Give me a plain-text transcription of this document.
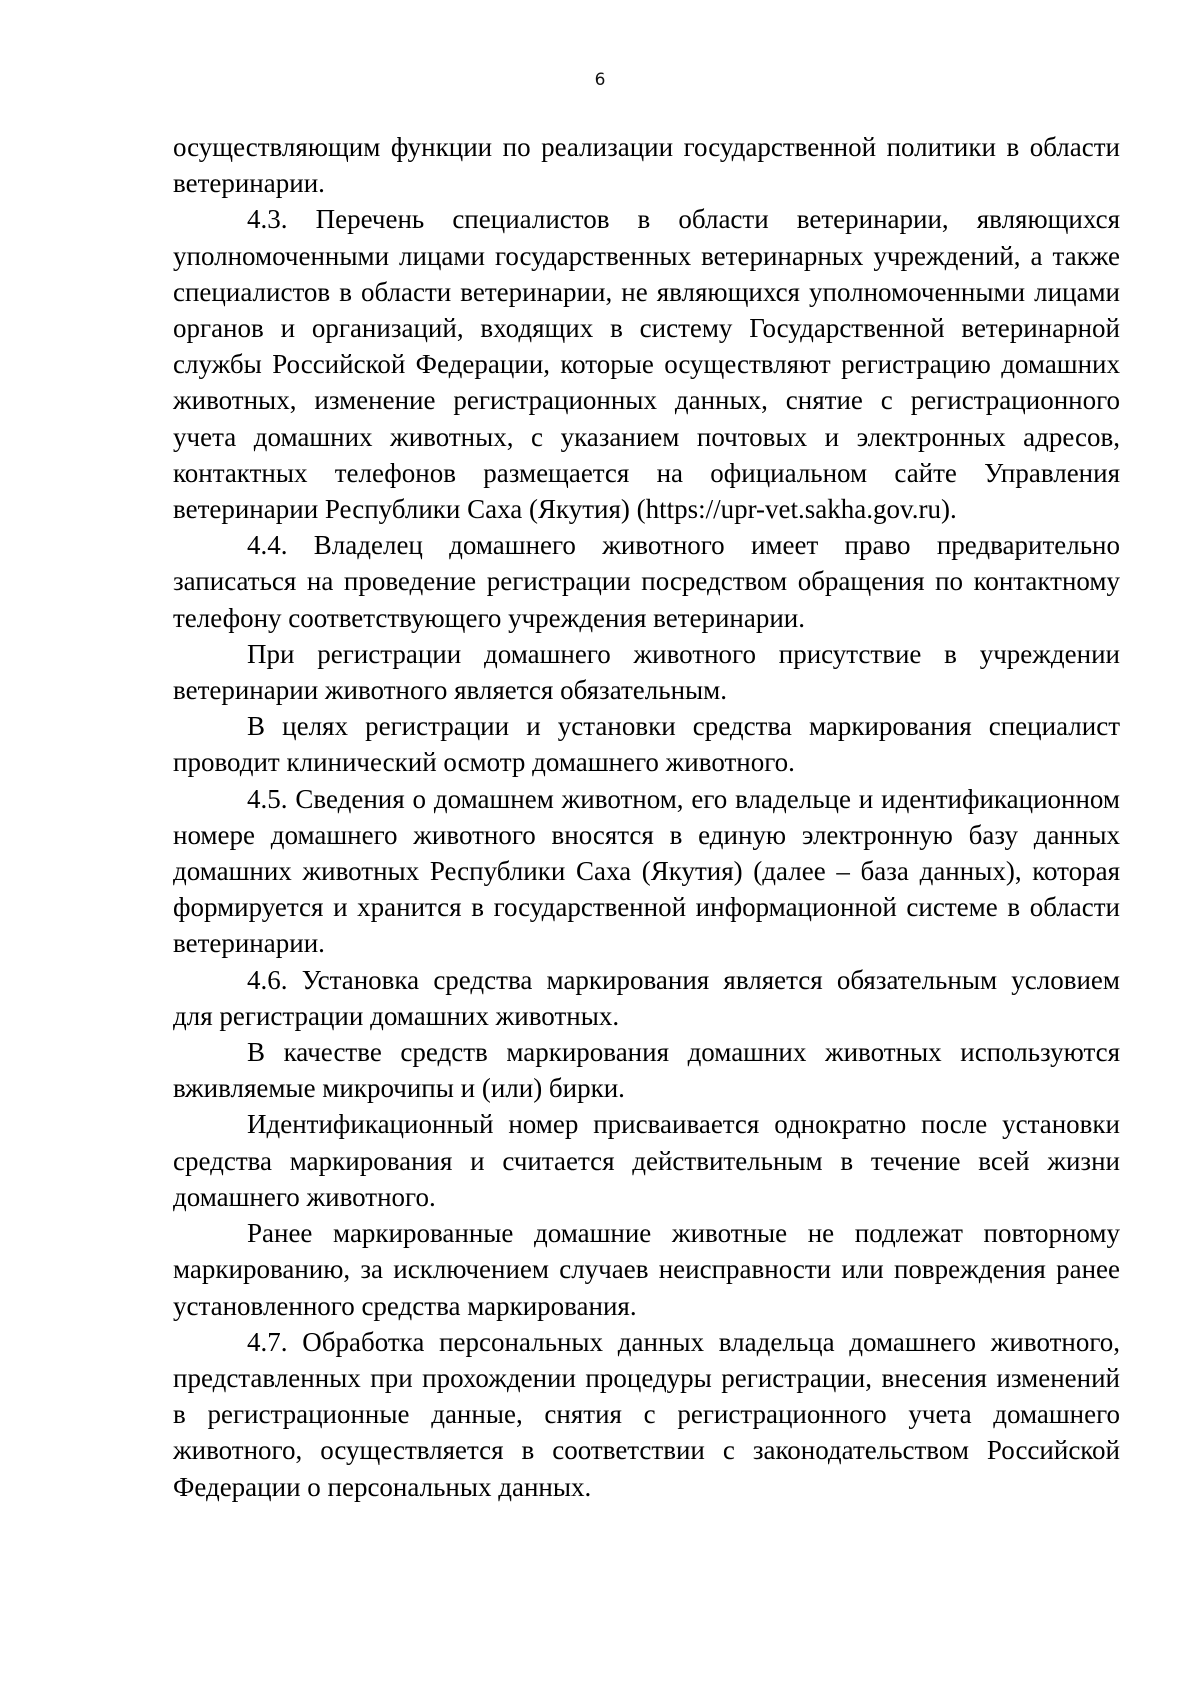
6

осуществляющим функции по реализации государственной политики в области ветеринарии.

4.3. Перечень специалистов в области ветеринарии, являющихся уполномоченными лицами государственных ветеринарных учреждений, а также специалистов в области ветеринарии, не являющихся уполномоченными лицами органов и организаций, входящих в систему Государственной ветеринарной службы Российской Федерации, которые осуществляют регистрацию домашних животных, изменение регистрационных данных, снятие с регистрационного учета домашних животных, с указанием почтовых и электронных адресов, контактных телефонов размещается на официальном сайте Управления ветеринарии Республики Саха (Якутия) (https://upr-vet.sakha.gov.ru).

4.4. Владелец домашнего животного имеет право предварительно записаться на проведение регистрации посредством обращения по контактному телефону соответствующего учреждения ветеринарии.

При регистрации домашнего животного присутствие в учреждении ветеринарии животного является обязательным.

В целях регистрации и установки средства маркирования специалист проводит клинический осмотр домашнего животного.

4.5. Сведения о домашнем животном, его владельце и идентификационном номере домашнего животного вносятся в единую электронную базу данных домашних животных Республики Саха (Якутия) (далее – база данных), которая формируется и хранится в государственной информационной системе в области ветеринарии.

4.6. Установка средства маркирования является обязательным условием для регистрации домашних животных.

В качестве средств маркирования домашних животных используются вживляемые микрочипы и (или) бирки.

Идентификационный номер присваивается однократно после установки средства маркирования и считается действительным в течение всей жизни домашнего животного.

Ранее маркированные домашние животные не подлежат повторному маркированию, за исключением случаев неисправности или повреждения ранее установленного средства маркирования.

4.7. Обработка персональных данных владельца домашнего животного, представленных при прохождении процедуры регистрации, внесения изменений в регистрационные данные, снятия с регистрационного учета домашнего животного, осуществляется в соответствии с законодательством Российской Федерации о персональных данных.
